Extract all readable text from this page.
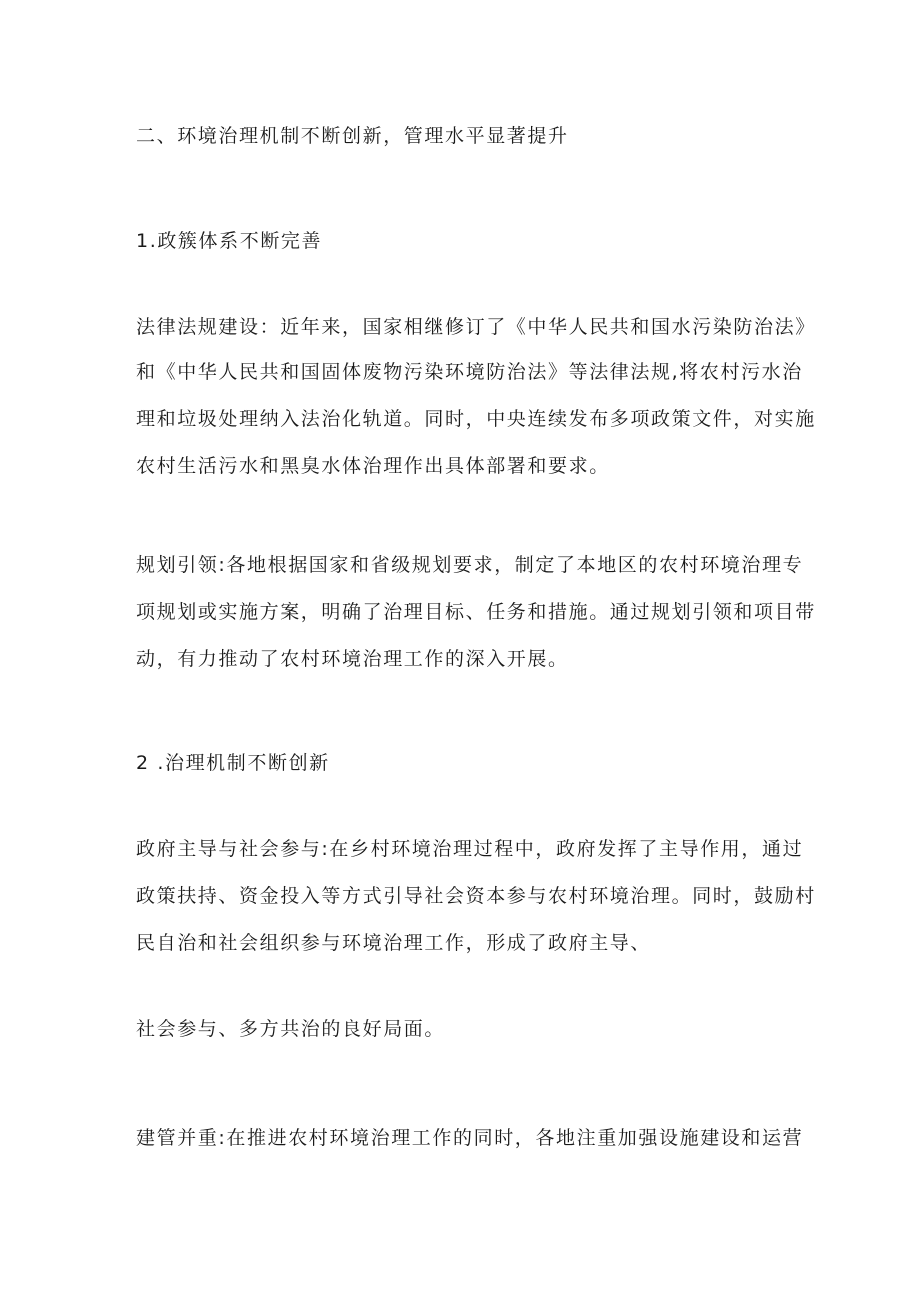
二、环境治理机制不断创新，管理水平显著提升
1.政簇体系不断完善
法律法规建设：近年来，国家相继修订了《中华人民共和国水污染防治法》
和《中华人民共和国固体废物污染环境防治法》等法律法规,将农村污水治
理和垃圾处理纳入法治化轨道。同时，中央连续发布多项政策文件，对实施
农村生活污水和黑臭水体治理作出具体部署和要求。
规划引领:各地根据国家和省级规划要求，制定了本地区的农村环境治理专
项规划或实施方案，明确了治理目标、任务和措施。通过规划引领和项目带
动，有力推动了农村环境治理工作的深入开展。
2 .治理机制不断创新
政府主导与社会参与:在乡村环境治理过程中，政府发挥了主导作用，通过
政策扶持、资金投入等方式引导社会资本参与农村环境治理。同时，鼓励村
民自治和社会组织参与环境治理工作，形成了政府主导、
社会参与、多方共治的良好局面。
建管并重:在推进农村环境治理工作的同时，各地注重加强设施建设和运营
